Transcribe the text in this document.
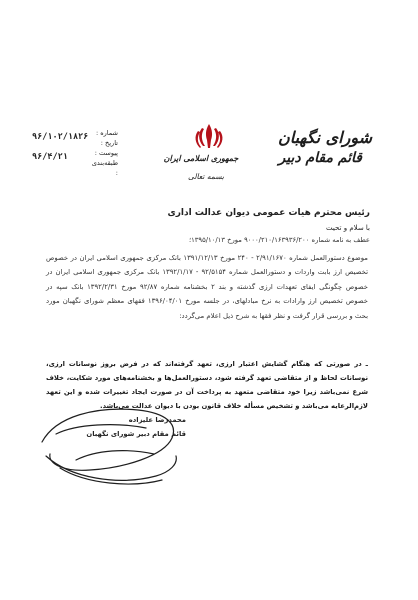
شورای نگهبان
قائم مقام دبیر
جمهوری اسلامی ایران
بسمه تعالی
شماره :
تاریخ :
پیوست :
طبقه‌بندی :
۹۶/۱۰۲/۱۸۲۶
۹۶/۴/۲۱
رئیس محترم هیات عمومی دیوان عدالت اداری
با سلام و تحیت
عطف به نامه شماره ۹۰۰۰/۲۱۰/۱۶۳۹۳۶/۲۰۰ مورخ ۱۳۹۵/۱۰/۱۳؛
موضوع دستورالعمل شماره ۲/۹۱/۱۶۷۰ - ۲۴۰ مورخ ۱۳۹۱/۱۲/۱۳ بانک مرکزی جمهوری اسلامی ایران در خصوص تخصیص ارز بابت واردات و دستورالعمل شماره ۹۲/۵۱۵۴ - ۱۳۹۲/۱/۱۷ بانک مرکزی جمهوری اسلامی ایران در خصوص چگونگی ایفای تعهدات ارزی گذشته و بند ۲ بخشنامه شماره ۹۲/۸۷ مورخ ۱۳۹۲/۲/۳۱ بانک سپه در خصوص تخصیص ارز وارادات به نرخ مبادلهای، در جلسه مورخ ۱۳۹۶/۰۴/۰۱ فقهای معظم شورای نگهبان مورد بحث و بررسی قرار گرفت و نظر فقها به شرح ذیل اعلام می‌گردد:
ـ در صورتی که هنگام گشایش اعتبار ارزی، تعهد گرفته‌اند که در فرض بروز نوسانات ارزی، نوسانات لحاظ و از متقاضی تعهد گرفته شود، دستورالعمل‌ها و بخشنامه‌های مورد شکایت، خلاف شرع نمی‌باشد زیرا خود متقاضی متعهد به پرداخت آن در صورت ایجاد تغییرات شده و این تعهد لازم‌الرعایه می‌باشد و تشخیص مسأله خلاف قانون بودن با دیوان عدالت می‌باشد.
محمدرضا علیزاده
قائم مقام دبیر شورای نگهبان
